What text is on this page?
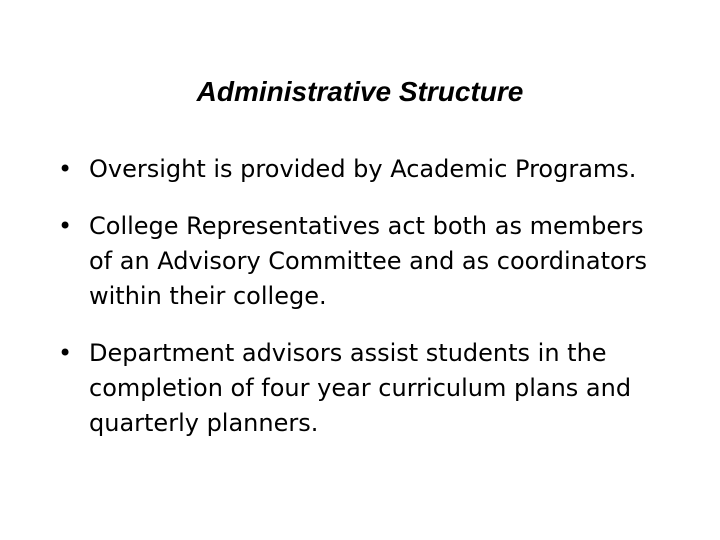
Administrative Structure
• Oversight is provided by Academic Programs.
• College Representatives act both as members of an Advisory Committee and as coordinators within their college.
• Department advisors assist students in the completion of four year curriculum plans and quarterly planners.
